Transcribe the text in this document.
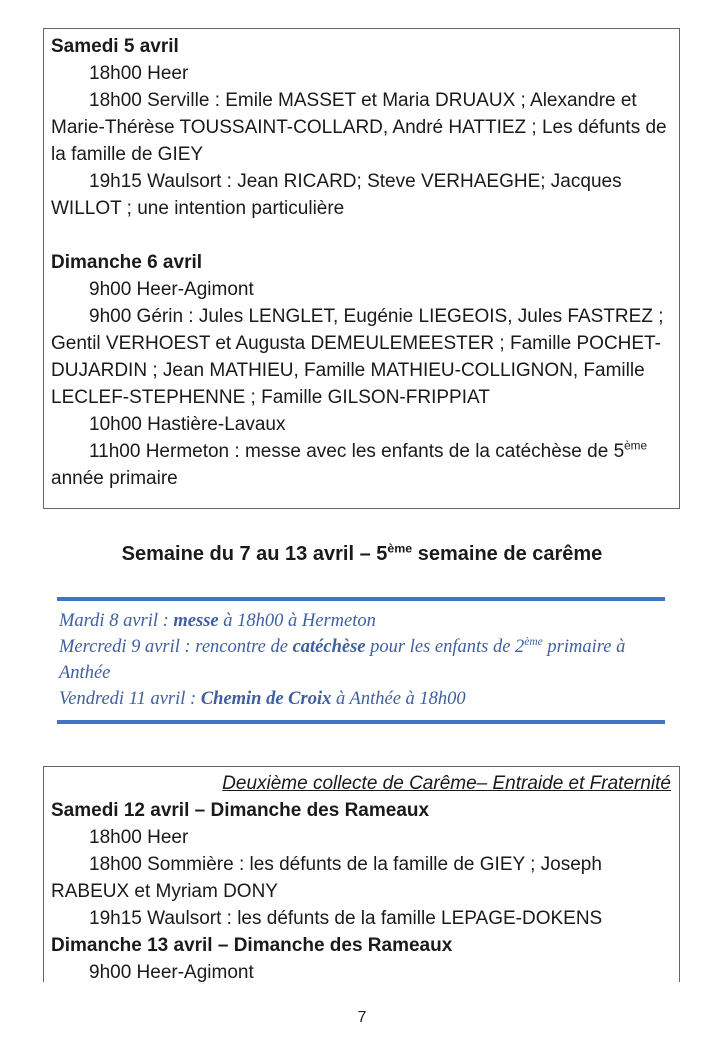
Samedi 5 avril

18h00 Heer

18h00 Serville : Emile MASSET et Maria DRUAUX ; Alexandre et Marie-Thérèse TOUSSAINT-COLLARD, André HATTIEZ ; Les défunts de la famille de GIEY

19h15 Waulsort : Jean RICARD; Steve VERHAEGHE; Jacques WILLOT ; une intention particulière

Dimanche 6 avril

9h00 Heer-Agimont

9h00 Gérin : Jules LENGLET, Eugénie LIEGEOIS, Jules FASTREZ ; Gentil VERHOEST et Augusta DEMEULEMEESTER ; Famille POCHET-DUJARDIN ; Jean MATHIEU, Famille MATHIEU-COLLIGNON, Famille LECLEF-STEPHENNE ; Famille GILSON-FRIPPIAT

10h00 Hastière-Lavaux

11h00 Hermeton : messe avec les enfants de la catéchèse de 5ème année primaire

Semaine du 7 au 13 avril – 5ème semaine de carême

Mardi 8 avril : messe à 18h00 à Hermeton

Mercredi 9 avril : rencontre de catéchèse pour les enfants de 2ème primaire à Anthée

Vendredi 11 avril : Chemin de Croix à Anthée à 18h00

Deuxième collecte de Carême– Entraide et Fraternité

Samedi 12 avril – Dimanche des Rameaux

18h00 Heer

18h00 Sommière : les défunts de la famille de GIEY ; Joseph RABEUX et Myriam DONY

19h15 Waulsort : les défunts de la famille LEPAGE-DOKENS

Dimanche 13 avril – Dimanche des Rameaux

9h00 Heer-Agimont

7
